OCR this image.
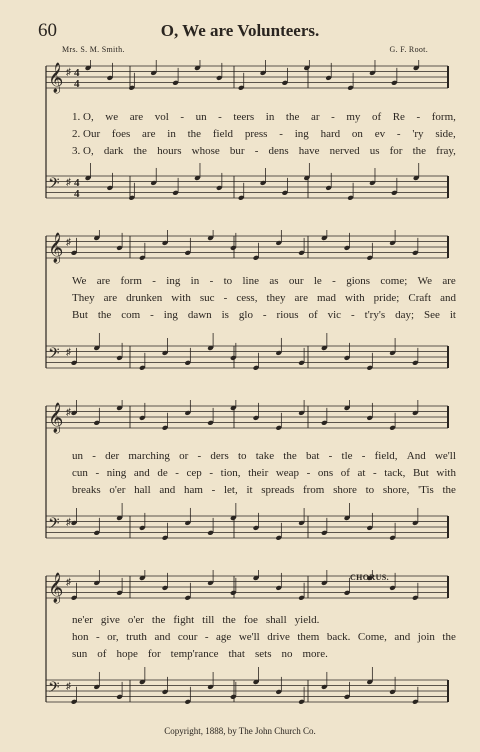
60	O, We are Volunteers.
Mrs. S. M. Smith.	G. F. Root.
𝄞 ♯ 4
4
𝄢 ♯ 4
4
1. O, we are vol - un - teers in the ar - my of Re - form,
2. Our foes are in the field press - ing hard on ev - 'ry side,
3. O, dark the hours whose bur - dens have nerved us for the fray,
𝄞 ♯
𝄢 ♯
We are form - ing in - to line as our le - gions come; We are
They are drunken with suc - cess, they are mad with pride; Craft and
But the com - ing dawn is glo - rious of vic - t'ry's day; See it
𝄞 ♯
𝄢 ♯
un - der marching or - ders to take the bat - tle - field, And we'll
cun - ning and de - cep - tion, their weap - ons of at - tack, But with
breaks o'er hall and ham - let, it spreads from shore to shore, 'Tis the
𝄞 ♯
𝄢 ♯
CHORUS.
ne'er give o'er the fight till the foe shall yield.
hon - or, truth and cour - age we'll drive them back. Come, and join the
sun of hope for temp'rance that sets no more.
Copyright, 1888, by The John Church Co.
